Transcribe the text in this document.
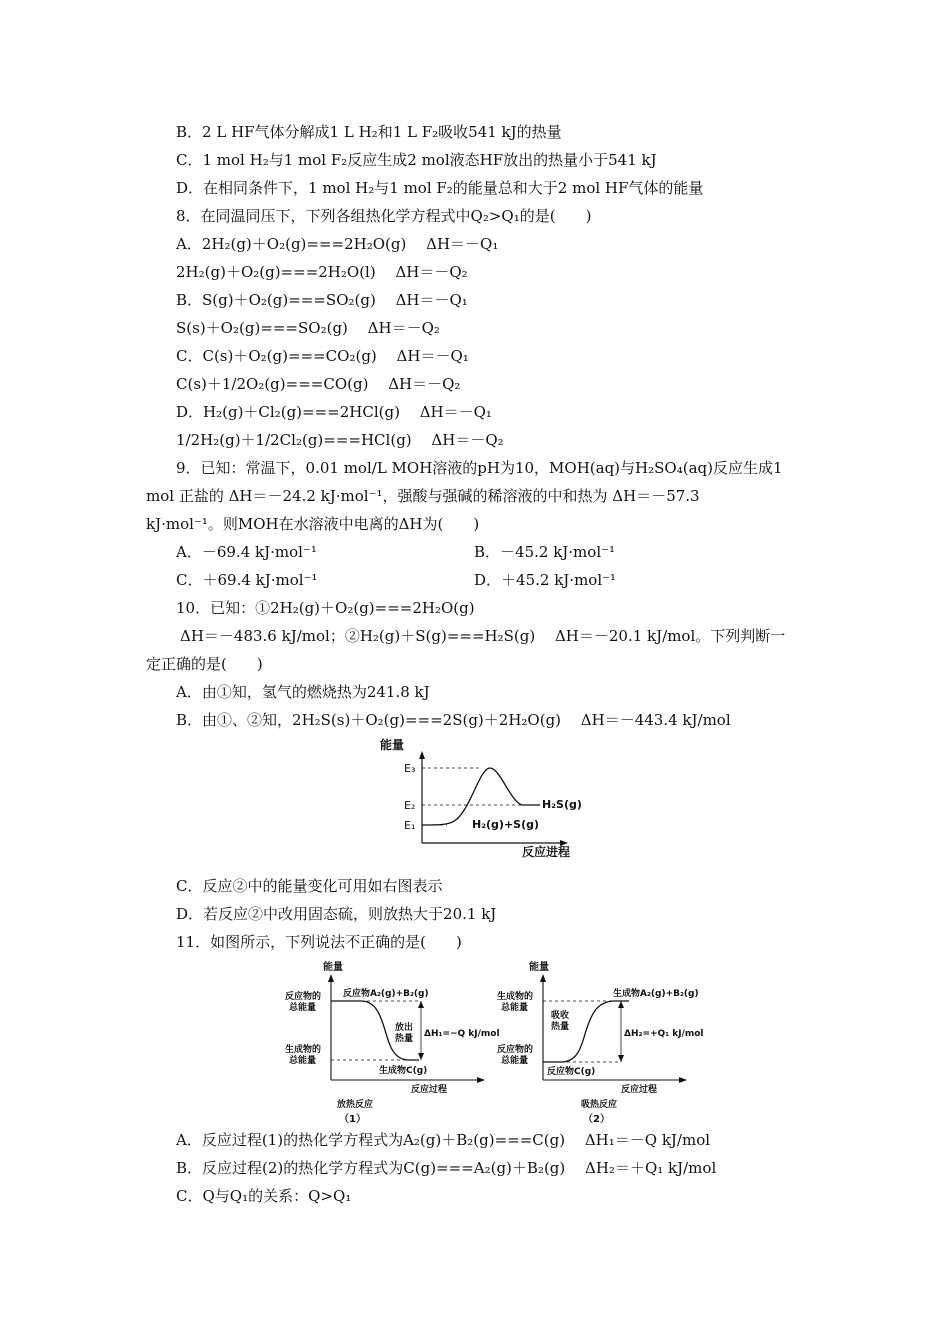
B．2 L HF气体分解成1 L H₂和1 L F₂吸收541 kJ的热量
C．1 mol H₂与1 mol F₂反应生成2 mol液态HF放出的热量小于541 kJ
D．在相同条件下，1 mol H₂与1 mol F₂的能量总和大于2 mol HF气体的能量
8．在同温同压下，下列各组热化学方程式中Q₂>Q₁的是(　　)
A．2H₂(g)＋O₂(g)===2H₂O(g)　 ΔH＝－Q₁
2H₂(g)＋O₂(g)===2H₂O(l)　 ΔH＝－Q₂
B．S(g)＋O₂(g)===SO₂(g)　 ΔH＝－Q₁
S(s)＋O₂(g)===SO₂(g)　 ΔH＝－Q₂
C．C(s)＋O₂(g)===CO₂(g)　 ΔH＝－Q₁
C(s)＋1/2O₂(g)===CO(g)　 ΔH＝－Q₂
D．H₂(g)＋Cl₂(g)===2HCl(g)　 ΔH＝－Q₁
1/2H₂(g)＋1/2Cl₂(g)===HCl(g)　 ΔH＝－Q₂
9．已知：常温下，0.01 mol/L MOH溶液的pH为10，MOH(aq)与H₂SO₄(aq)反应生成1
mol 正盐的 ΔH＝－24.2 kJ·mol⁻¹，强酸与强碱的稀溶液的中和热为 ΔH＝－57.3
kJ·mol⁻¹。则MOH在水溶液中电离的ΔH为(　　)
A．－69.4 kJ·mol⁻¹	B．－45.2 kJ·mol⁻¹
C．＋69.4 kJ·mol⁻¹	D．＋45.2 kJ·mol⁻¹
10．已知：①2H₂(g)＋O₂(g)===2H₂O(g)
ΔH＝－483.6 kJ/mol；②H₂(g)＋S(g)===H₂S(g)　 ΔH＝－20.1 kJ/mol。下列判断一
定正确的是(　　)
A．由①知，氢气的燃烧热为241.8 kJ
B．由①、②知，2H₂S(s)＋O₂(g)===2S(g)＋2H₂O(g)　 ΔH＝－443.4 kJ/mol
能量
E₃
E₂
E₁
H₂S(g)
H₂(g)+S(g)
反应进程
C．反应②中的能量变化可用如右图表示
D．若反应②中改用固态硫，则放热大于20.1 kJ
11．如图所示，下列说法不正确的是(　　)
能量
反应物的
总能量
生成物的
总能量
反应物A₂(g)+B₂(g)
放出
热量 ΔH₁=−Q kJ/mol
生成物C(g)
反应过程
放热反应
（1）
能量
生成物的
总能量
反应物的
总能量
生成物A₂(g)+B₂(g)
吸收
热量
ΔH₂=+Q₁ kJ/mol
反应物C(g)
反应过程
吸热反应
（2）
A．反应过程(1)的热化学方程式为A₂(g)＋B₂(g)===C(g)　 ΔH₁＝－Q kJ/mol
B．反应过程(2)的热化学方程式为C(g)===A₂(g)＋B₂(g)　 ΔH₂＝＋Q₁ kJ/mol
C．Q与Q₁的关系：Q>Q₁
